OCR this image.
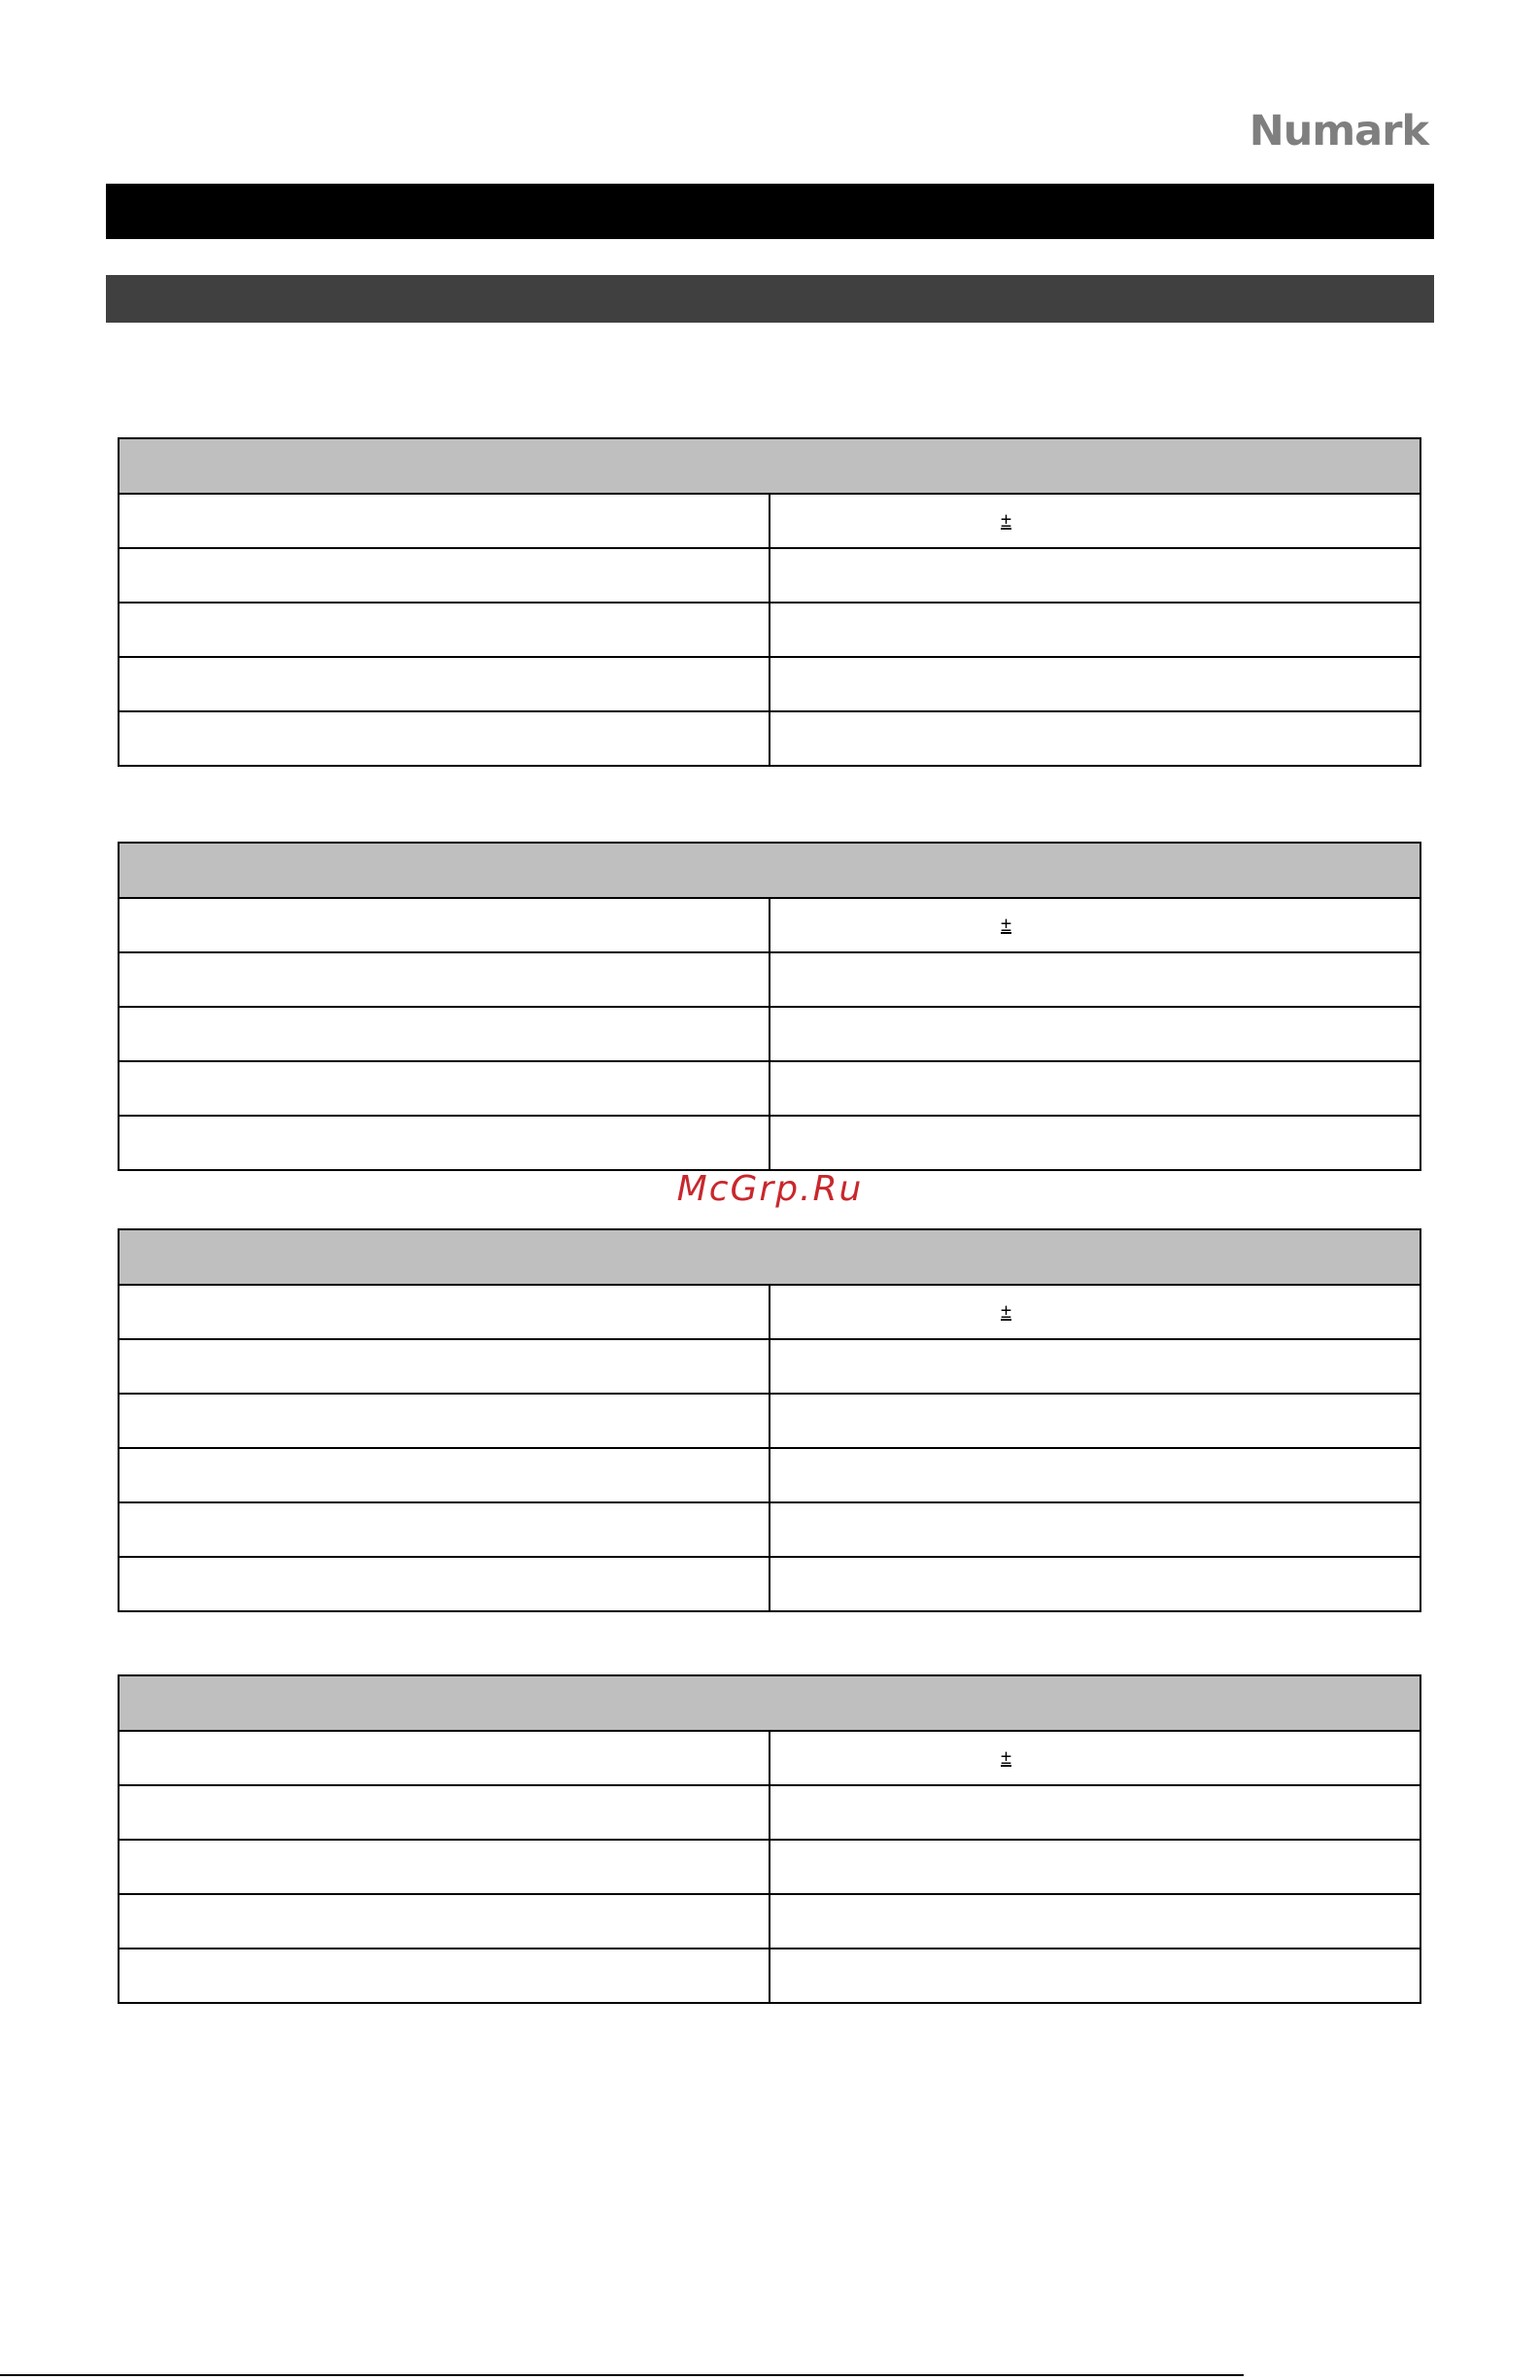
Numark

	±

	±

	±

	±

McGrp.Ru
